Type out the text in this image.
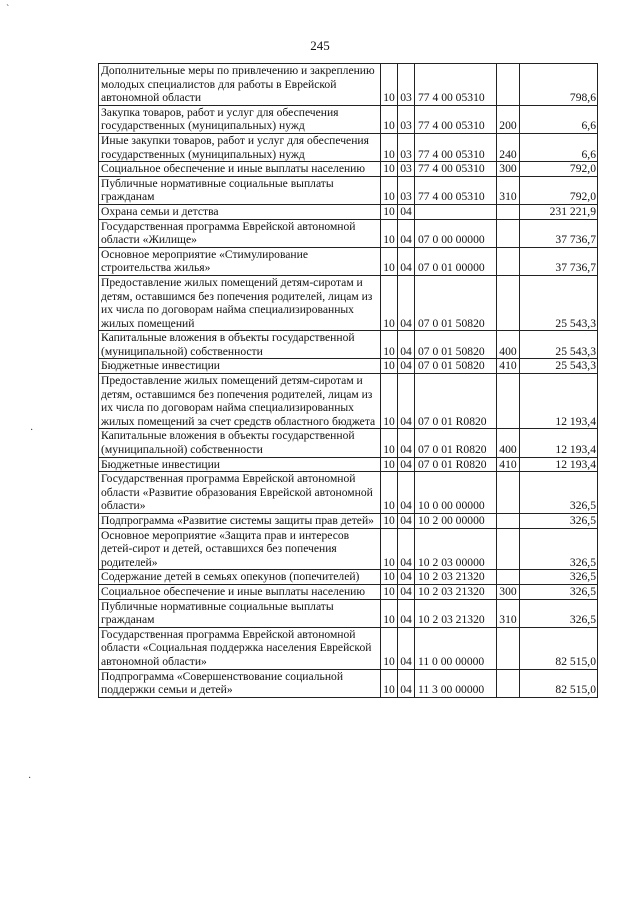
`
·
·
245
Дополнительные меры по привлечению и закреплению молодых специалистов для работы в Еврейской автономной области	10	03	77 4 00 05310		798,6
Закупка товаров, работ и услуг для обеспечения государственных (муниципальных) нужд	10	03	77 4 00 05310	200	6,6
Иные закупки товаров, работ и услуг для обеспечения государственных (муниципальных) нужд	10	03	77 4 00 05310	240	6,6
Социальное обеспечение и иные выплаты населению	10	03	77 4 00 05310	300	792,0
Публичные нормативные социальные выплаты гражданам	10	03	77 4 00 05310	310	792,0
Охрана семьи и детства	10	04			231 221,9
Государственная программа Еврейской автономной области «Жилище»	10	04	07 0 00 00000		37 736,7
Основное мероприятие «Стимулирование строительства жилья»	10	04	07 0 01 00000		37 736,7
Предоставление жилых помещений детям-сиротам и детям, оставшимся без попечения родителей, лицам из их числа по договорам найма специализированных жилых помещений	10	04	07 0 01 50820		25 543,3
Капитальные вложения в объекты государственной (муниципальной) собственности	10	04	07 0 01 50820	400	25 543,3
Бюджетные инвестиции	10	04	07 0 01 50820	410	25 543,3
Предоставление жилых помещений детям-сиротам и детям, оставшимся без попечения родителей, лицам из их числа по договорам найма специализированных жилых помещений за счет средств областного бюджета	10	04	07 0 01 R0820		12 193,4
Капитальные вложения в объекты государственной (муниципальной) собственности	10	04	07 0 01 R0820	400	12 193,4
Бюджетные инвестиции	10	04	07 0 01 R0820	410	12 193,4
Государственная программа Еврейской автономной области «Развитие образования Еврейской автономной области»	10	04	10 0 00 00000		326,5
Подпрограмма «Развитие системы защиты прав детей»	10	04	10 2 00 00000		326,5
Основное мероприятие «Защита прав и интересов детей-сирот и детей, оставшихся без попечения родителей»	10	04	10 2 03 00000		326,5
Содержание детей в семьях опекунов (попечителей)	10	04	10 2 03 21320		326,5
Социальное обеспечение и иные выплаты населению	10	04	10 2 03 21320	300	326,5
Публичные нормативные социальные выплаты гражданам	10	04	10 2 03 21320	310	326,5
Государственная программа Еврейской автономной области «Социальная поддержка населения Еврейской автономной области»	10	04	11 0 00 00000		82 515,0
Подпрограмма «Совершенствование социальной поддержки семьи и детей»	10	04	11 3 00 00000		82 515,0
